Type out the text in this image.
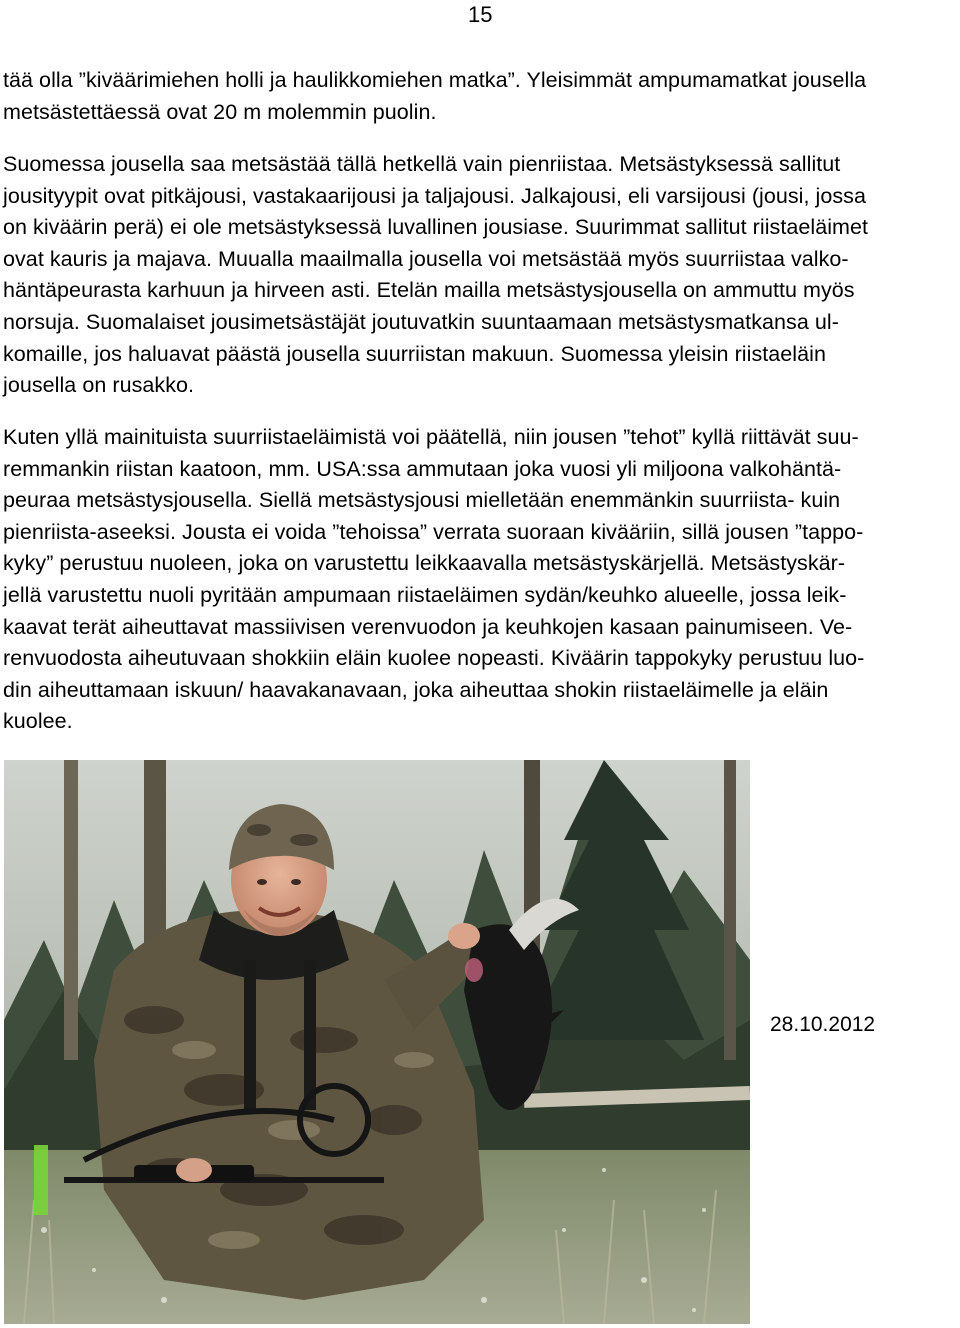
15

tää olla ”kiväärimiehen holli ja haulikkomiehen matka”. Yleisimmät ampumamatkat jousella
metsästettäessä ovat 20 m molemmin puolin.

Suomessa jousella saa metsästää tällä hetkellä vain pienriistaa. Metsästyksessä sallitut
jousityypit ovat pitkäjousi, vastakaarijousi ja taljajousi. Jalkajousi, eli varsijousi (jousi, jossa
on kiväärin perä) ei ole metsästyksessä luvallinen jousiase. Suurimmat sallitut riistaeläimet
ovat kauris ja majava. Muualla maailmalla jousella voi metsästää myös suurriistaa valko-
häntäpeurasta karhuun ja hirveen asti. Etelän mailla metsästysjousella on ammuttu myös
norsuja. Suomalaiset jousimetsästäjät joutuvatkin suuntaamaan metsästysmatkansa ul-
komaille, jos haluavat päästä jousella suurriistan makuun. Suomessa yleisin riistaeläin
jousella on rusakko.

Kuten yllä mainituista suurriistaeläimistä voi päätellä, niin jousen ”tehot” kyllä riittävät suu-
remmankin riistan kaatoon, mm. USA:ssa ammutaan joka vuosi yli miljoona valkohäntä-
peuraa metsästysjousella. Siellä metsästysjousi mielletään enemmänkin suurriista- kuin
pienriista-aseeksi. Jousta ei voida ”tehoissa” verrata suoraan kivääriin, sillä jousen ”tappo-
kyky” perustuu nuoleen, joka on varustettu leikkaavalla metsästyskärjellä. Metsästyskär-
jellä varustettu nuoli pyritään ampumaan riistaeläimen sydän/keuhko alueelle, jossa leik-
kaavat terät aiheuttavat massiivisen verenvuodon ja keuhkojen kasaan painumiseen. Ve-
renvuodosta aiheutuvaan shokkiin eläin kuolee nopeasti. Kiväärin tappokyky perustuu luo-
din aiheuttamaan iskuun/ haavakanavaan, joka aiheuttaa shokin riistaeläimelle ja eläin
kuolee.

28.10.2012
